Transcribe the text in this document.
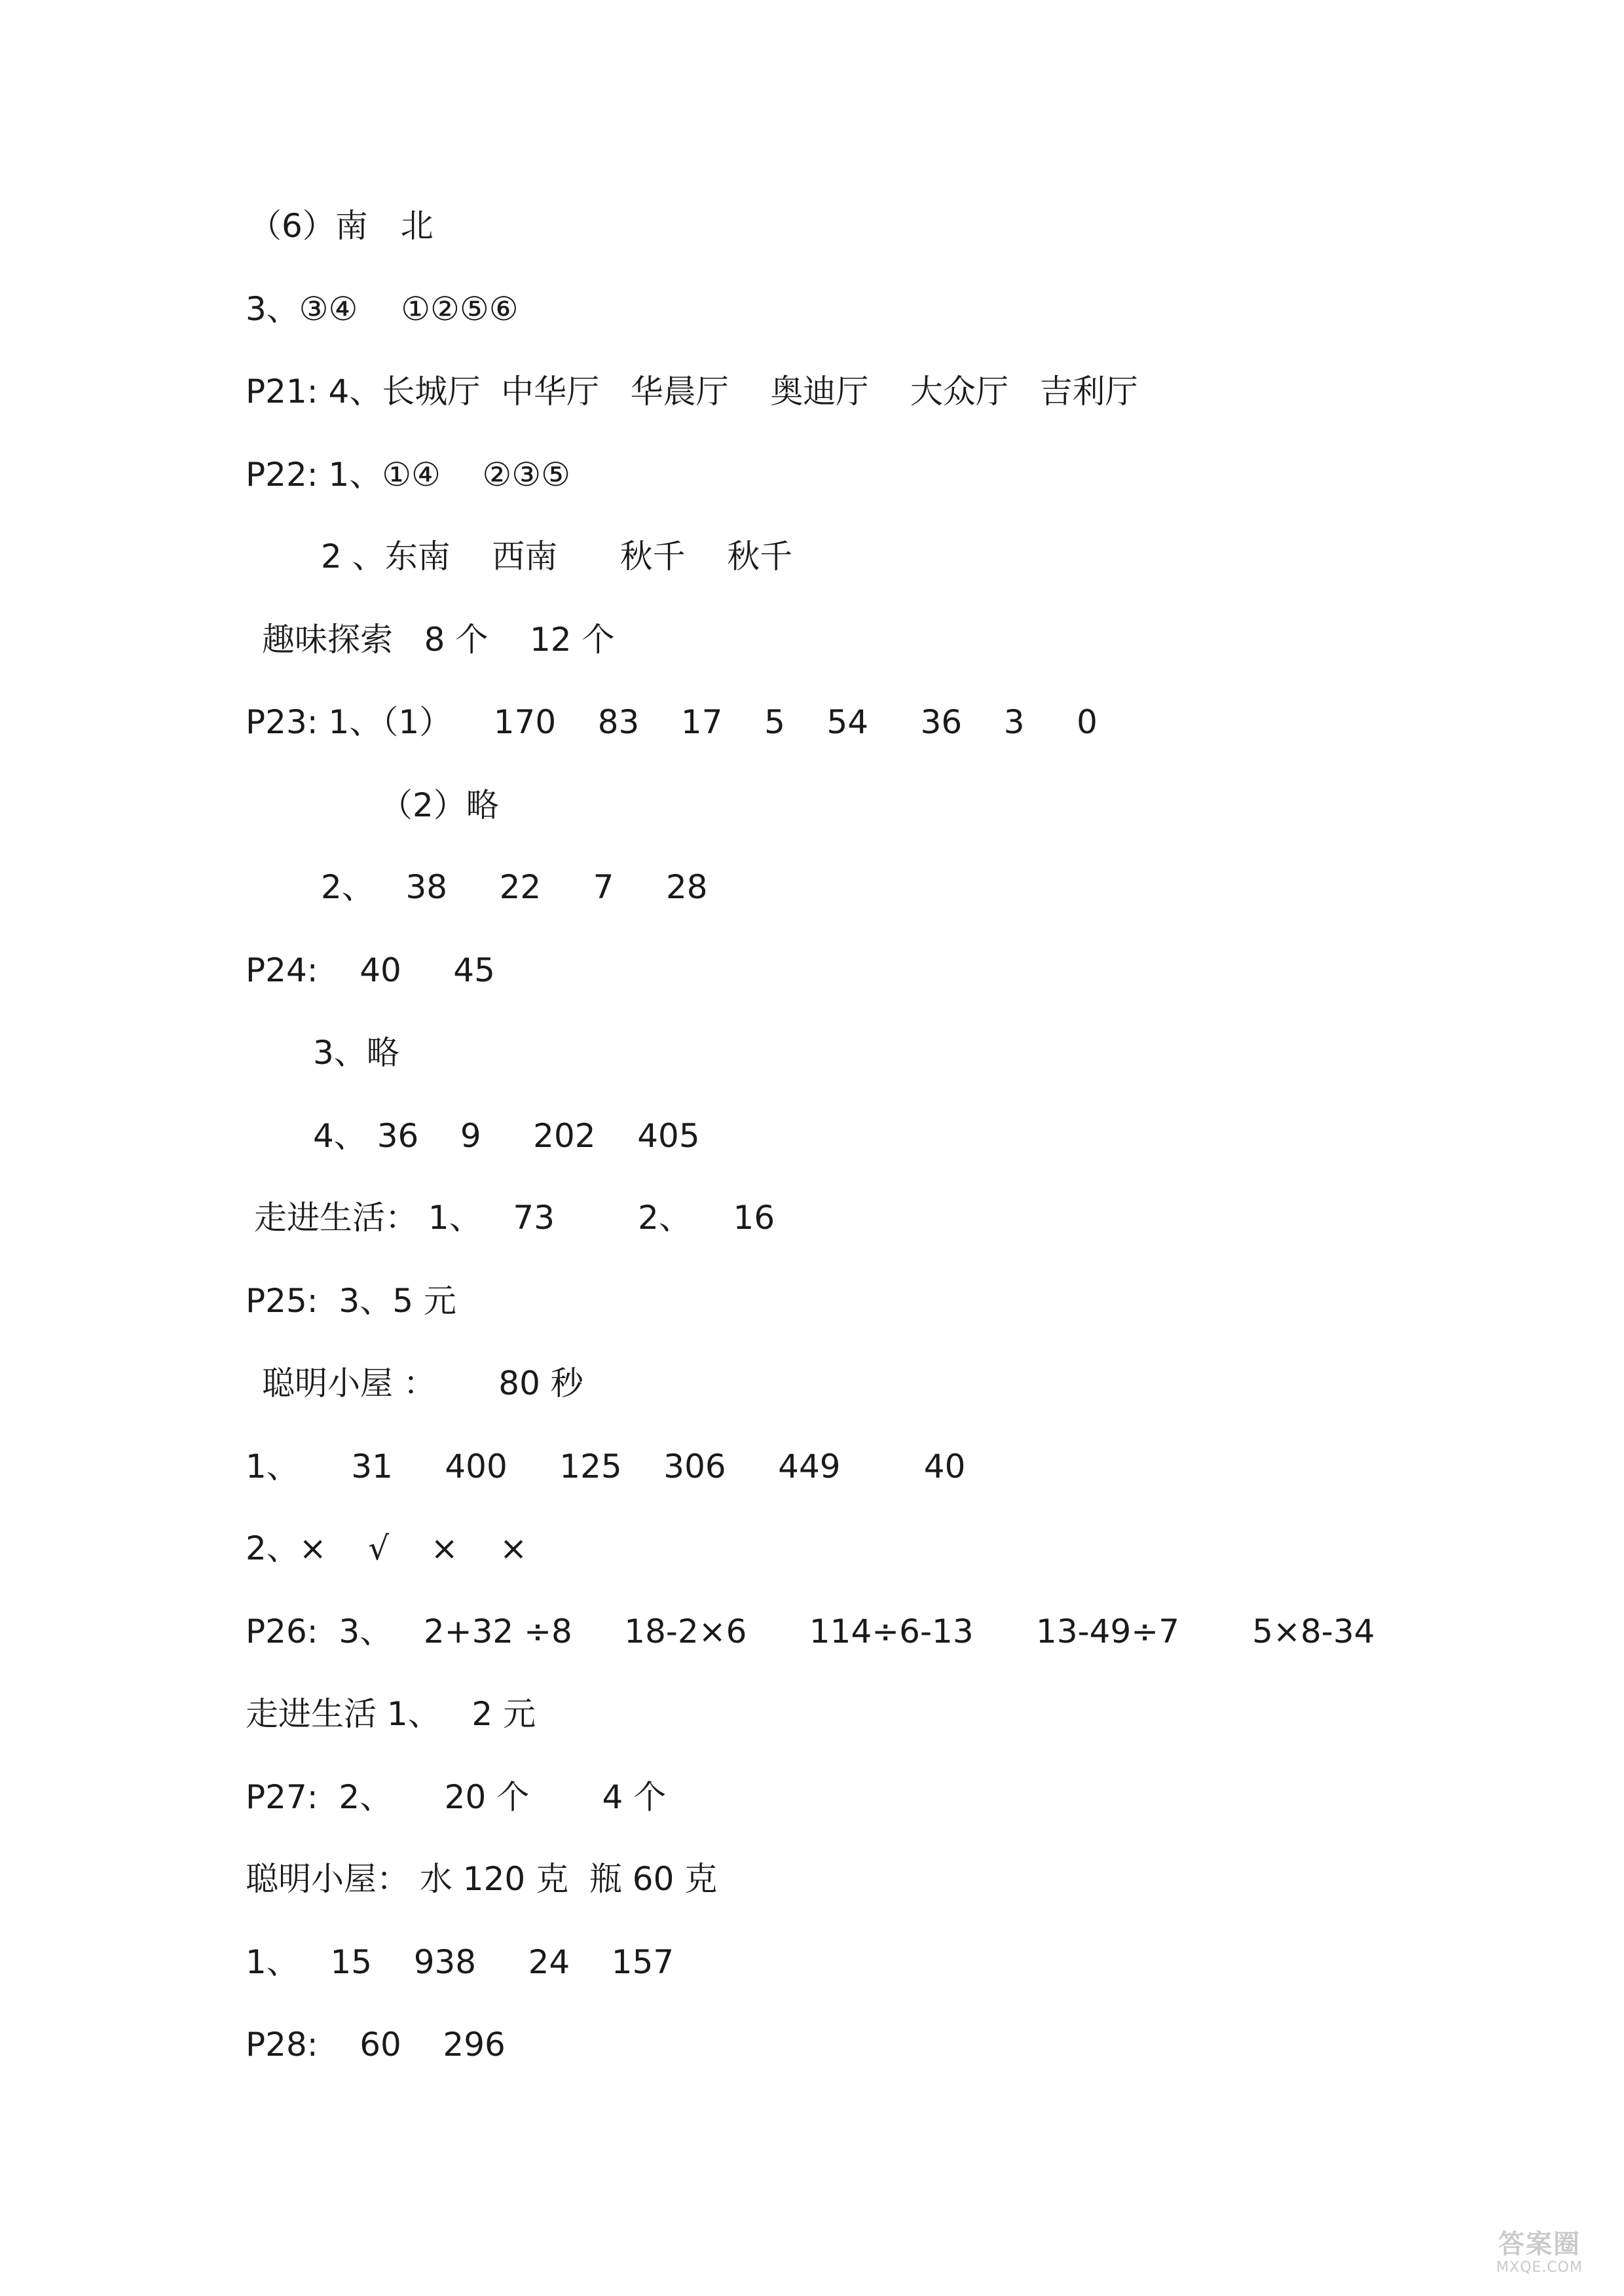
（6）南　北
3、③④　 ①②⑤⑥
P21: 4、长城厅  中华厅   华晨厅    奥迪厅    大众厅   吉利厅
P22: 1、①④    ②③⑤
2 、东南    西南      秋千    秋千
趣味探索   8 个    12 个
P23: 1、（1）    170    83    17    5    54     36    3     0
（2）略
2、   38     22     7     28
P24:    40     45
3、略
4、 36    9     202    405
走进生活： 1、   73        2、    16
P25:  3、5 元
聪明小屋 ：      80 秒
1、     31     400     125    306     449        40
2、×    √    ×    ×
P26:  3、   2+32 ÷8     18-2×6      114÷6-13      13-49÷7       5×8-34
走进生活 1、   2 元
P27:  2、     20 个       4 个
聪明小屋： 水 120 克  瓶 60 克
1、   15    938     24    157
P28:    60    296
答案圈
MXQE.COM
